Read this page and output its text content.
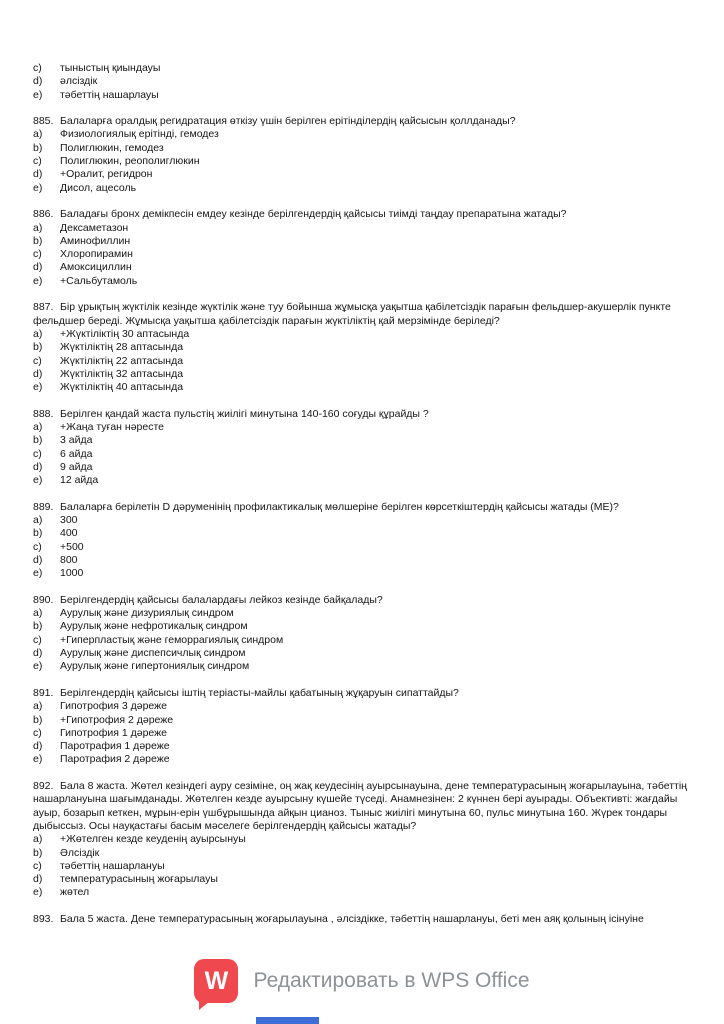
c)	тыныстың қиындауы
d)	әлсіздік
e)	тәбеттің нашарлауы
885. Балаларға оралдық регидратация өткізу үшін берілген ерітінділердің қайсысын қоллданады?
a)	Физиологиялық ерітінді, гемодез
b)	Полиглюкин, гемодез
c)	Полиглюкин, реополиглюкин
d)	+Оралит, регидрон
e)	Дисол, ацесоль
886. Баладағы бронх демікпесін емдеу кезінде берілгендердің қайсысы тиімді таңдау препаратына жатады?
a)	Дексаметазон
b)	Аминофиллин
c)	Хлоропирамин
d)	Амоксициллин
e)	+Сальбутамоль
887. Бір ұрықтың жүктілік кезінде жүктілік және туу бойынша жұмысқа уақытша қабілетсіздік парағын фельдшер-акушерлік пункте фельдшер береді. Жұмысқа уақытша қабілетсіздік парағын жүктіліктің қай мерзімінде беріледі?
a)	+Жүктіліктің 30 аптасында
b)	Жүктіліктің 28 аптасында
c)	Жүктіліктің 22 аптасында
d)	Жүктіліктің 32 аптасында
e)	Жүктіліктің 40 аптасында
888. Берілген қандай жаста пульстің жиілігі минутына 140-160 соғуды құрайды ?
a)	+Жаңа туған нәресте
b)	3 айда
c)	6 айда
d)	9 айда
e)	12 айда
889. Балаларға берілетін D дәруменінің профилактикалық мөлшеріне берілген көрсеткіштердің қайсысы жатады (МЕ)?
a)	300
b)	400
c)	+500
d)	800
e)	1000
890. Берілгендердің қайсысы балалардағы лейкоз кезінде байқалады?
a)	Аурулық және дизуриялық синдром
b)	Аурулық және нефротикалық синдром
c)	+Гиперпластық және геморрагиялық синдром
d)	Аурулық және диспепсичлық синдром
e)	Аурулық және гипертониялық синдром
891. Берілгендердің қайсысы іштің теріасты-майлы қабатының жұқаруын сипаттайды?
a)	Гипотрофия 3 дәреже
b)	+Гипотрофия 2 дәреже
c)	Гипотрофия 1 дәреже
d)	Паротрафия 1 дәреже
e)	Паротрафия 2 дәреже
892. Бала 8 жаста. Жөтел кезіндегі ауру сезіміне, оң жақ кеудесінің ауырсынауына, дене температурасының жоғарылауына, тәбеттің нашарлануына шағымданады. Жөтелген кезде ауырсыну күшейе түседі. Анамнезінен: 2 күннен бері ауырады. Объективті: жағдайы ауыр, бозарып кеткен, мұрын-ерін үшбұрышында айқын цианоз. Тыныс жиілігі минутына 60, пульс минутына 160. Жүрек тондары дыбыссыз. Осы науқастағы басым мәселеге берілгендердің қайсысы жатады?
a)	+Жөтелген кезде кеуденің ауырсынуы
b)	Әлсіздік
c)	тәбеттің нашарлануы
d)	температурасының жоғарылауы
e)	жөтел
893. Бала 5 жаста. Дене температурасының жоғарылауына , әлсіздікке, тәбеттің нашарлануы, беті мен аяқ қолының ісінуіне
W Редактировать в WPS Office
